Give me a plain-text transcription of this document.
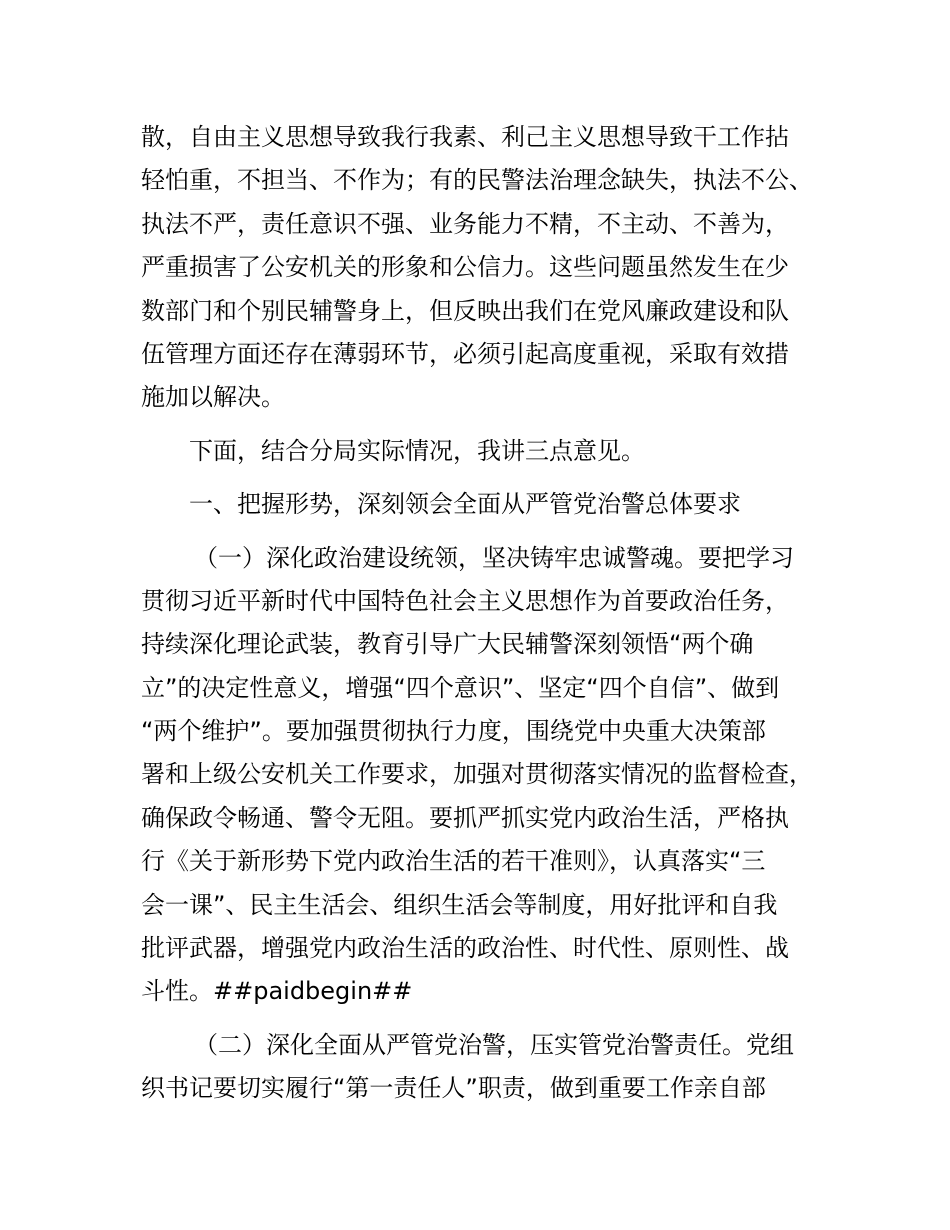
散，自由主义思想导致我行我素、利己主义思想导致干工作拈
轻怕重，不担当、不作为；有的民警法治理念缺失，执法不公、
执法不严，责任意识不强、业务能力不精，不主动、不善为，
严重损害了公安机关的形象和公信力。这些问题虽然发生在少
数部门和个别民辅警身上，但反映出我们在党风廉政建设和队
伍管理方面还存在薄弱环节，必须引起高度重视，采取有效措
施加以解决。
下面，结合分局实际情况，我讲三点意见。
一、把握形势，深刻领会全面从严管党治警总体要求
（一）深化政治建设统领，坚决铸牢忠诚警魂。要把学习
贯彻习近平新时代中国特色社会主义思想作为首要政治任务，
持续深化理论武装，教育引导广大民辅警深刻领悟“两个确
立”的决定性意义，增强“四个意识”、坚定“四个自信”、做到
“两个维护”。要加强贯彻执行力度，围绕党中央重大决策部
署和上级公安机关工作要求，加强对贯彻落实情况的监督检查，
确保政令畅通、警令无阻。要抓严抓实党内政治生活，严格执
行《关于新形势下党内政治生活的若干准则》，认真落实“三
会一课”、民主生活会、组织生活会等制度，用好批评和自我
批评武器，增强党内政治生活的政治性、时代性、原则性、战
斗性。##paidbegin##
（二）深化全面从严管党治警，压实管党治警责任。党组
织书记要切实履行“第一责任人”职责，做到重要工作亲自部
